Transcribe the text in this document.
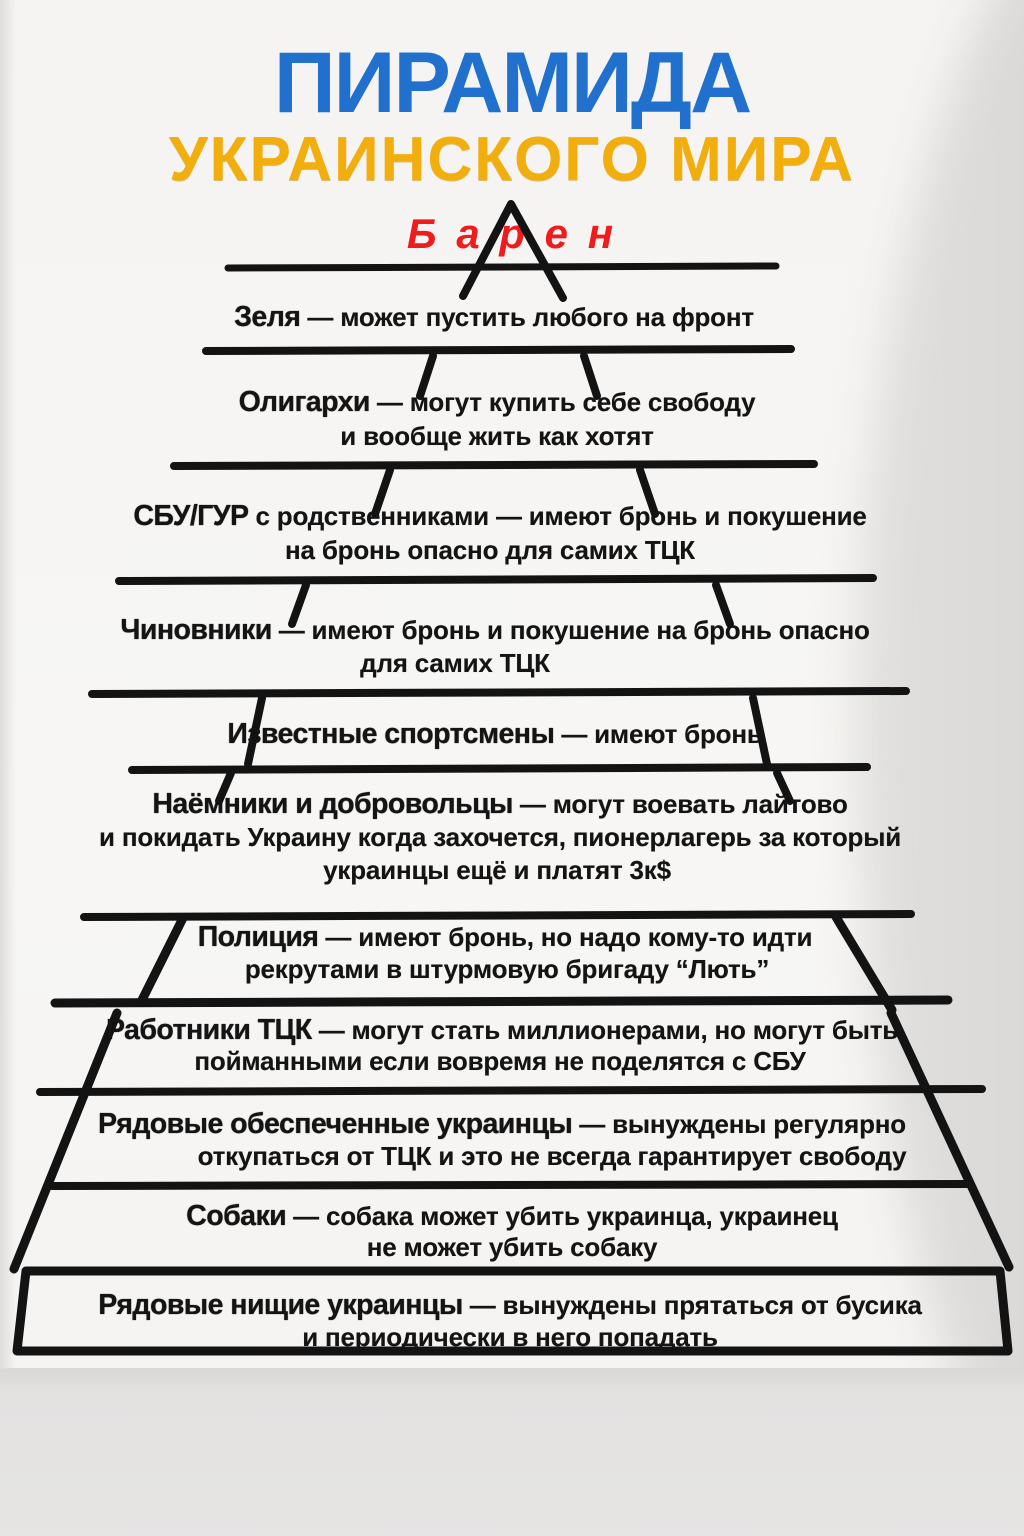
ПИРАМИДА
УКРАИНСКОГО МИРА
Б а р е н
Зеля — может пустить любого на фронт
Олигархи — могут купить себе свободу
и вообще жить как хотят
СБУ/ГУР с родственниками — имеют бронь и покушение
на бронь опасно для самих ТЦК
Чиновники — имеют бронь и покушение на бронь опасно
для самих ТЦК
Известные спортсмены — имеют бронь
Наёмники и добровольцы — могут воевать лайтово
и покидать Украину когда захочется, пионерлагерь за который
украинцы ещё и платят 3к$
Полиция — имеют бронь, но надо кому-то идти
рекрутами в штурмовую бригаду “Лють”
Работники ТЦК — могут стать миллионерами, но могут быть
пойманными если вовремя не поделятся с СБУ
Рядовые обеспеченные украинцы — вынуждены регулярно
откупаться от ТЦК и это не всегда гарантирует свободу
Собаки — собака может убить украинца, украинец
не может убить собаку
Рядовые нищие украинцы — вынуждены прятаться от бусика
и периодически в него попадать
